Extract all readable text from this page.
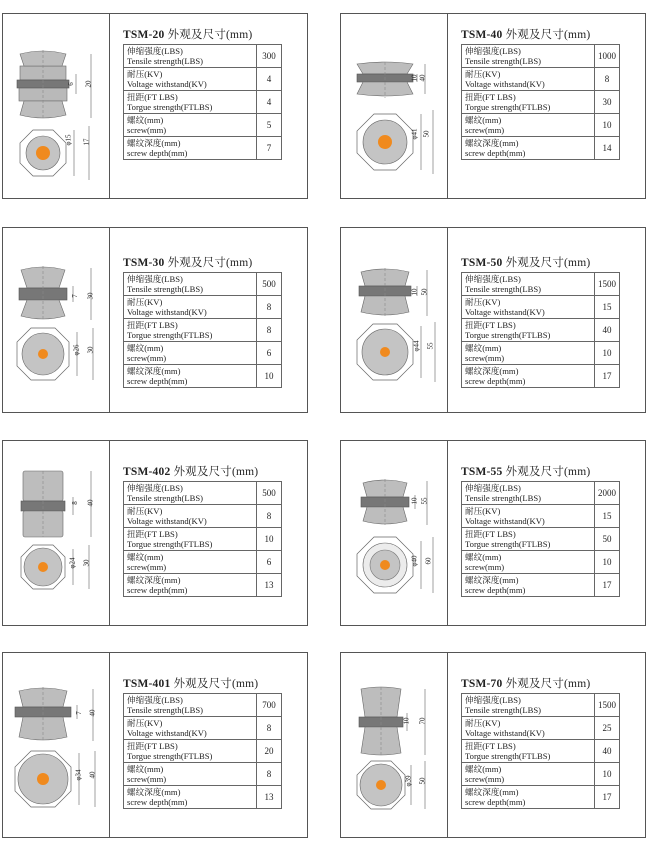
6 20
φ15 17
TSM-20 外观及尺寸(mm)
伸缩强度(LBS)
Tensile strength(LBS)	300

耐压(KV)
Voltage withstand(KV)	4

扭距(FT LBS)
Torgue strength(FTLBS)	4

螺纹(mm)
screw(mm)	5

螺纹深度(mm)
screw depth(mm)	7
10 40
φ41 50
TSM-40 外观及尺寸(mm)
伸缩强度(LBS)
Tensile strength(LBS)	1000

耐压(KV)
Voltage withstand(KV)	8

扭距(FT LBS)
Torgue strength(FTLBS)	30

螺纹(mm)
screw(mm)	10

螺纹深度(mm)
screw depth(mm)	14
7 30
φ26 30
TSM-30 外观及尺寸(mm)
伸缩强度(LBS)
Tensile strength(LBS)	500

耐压(KV)
Voltage withstand(KV)	8

扭距(FT LBS)
Torgue strength(FTLBS)	8

螺纹(mm)
screw(mm)	6

螺纹深度(mm)
screw depth(mm)	10
10 50
φ44 55
TSM-50 外观及尺寸(mm)
伸缩强度(LBS)
Tensile strength(LBS)	1500

耐压(KV)
Voltage withstand(KV)	15

扭距(FT LBS)
Torgue strength(FTLBS)	40

螺纹(mm)
screw(mm)	10

螺纹深度(mm)
screw depth(mm)	17
8 40
φ24 30
TSM-402 外观及尺寸(mm)
伸缩强度(LBS)
Tensile strength(LBS)	500

耐压(KV)
Voltage withstand(KV)	8

扭距(FT LBS)
Torgue strength(FTLBS)	10

螺纹(mm)
screw(mm)	6

螺纹深度(mm)
screw depth(mm)	13
10 55
φ40 60
TSM-55 外观及尺寸(mm)
伸缩强度(LBS)
Tensile strength(LBS)	2000

耐压(KV)
Voltage withstand(KV)	15

扭距(FT LBS)
Torgue strength(FTLBS)	50

螺纹(mm)
screw(mm)	10

螺纹深度(mm)
screw depth(mm)	17
7 40
φ34 40
TSM-401 外观及尺寸(mm)
伸缩强度(LBS)
Tensile strength(LBS)	700

耐压(KV)
Voltage withstand(KV)	8

扭距(FT LBS)
Torgue strength(FTLBS)	20

螺纹(mm)
screw(mm)	8

螺纹深度(mm)
screw depth(mm)	13
10 70
φ39 50
TSM-70 外观及尺寸(mm)
伸缩强度(LBS)
Tensile strength(LBS)	1500

耐压(KV)
Voltage withstand(KV)	25

扭距(FT LBS)
Torgue strength(FTLBS)	40

螺纹(mm)
screw(mm)	10

螺纹深度(mm)
screw depth(mm)	17
